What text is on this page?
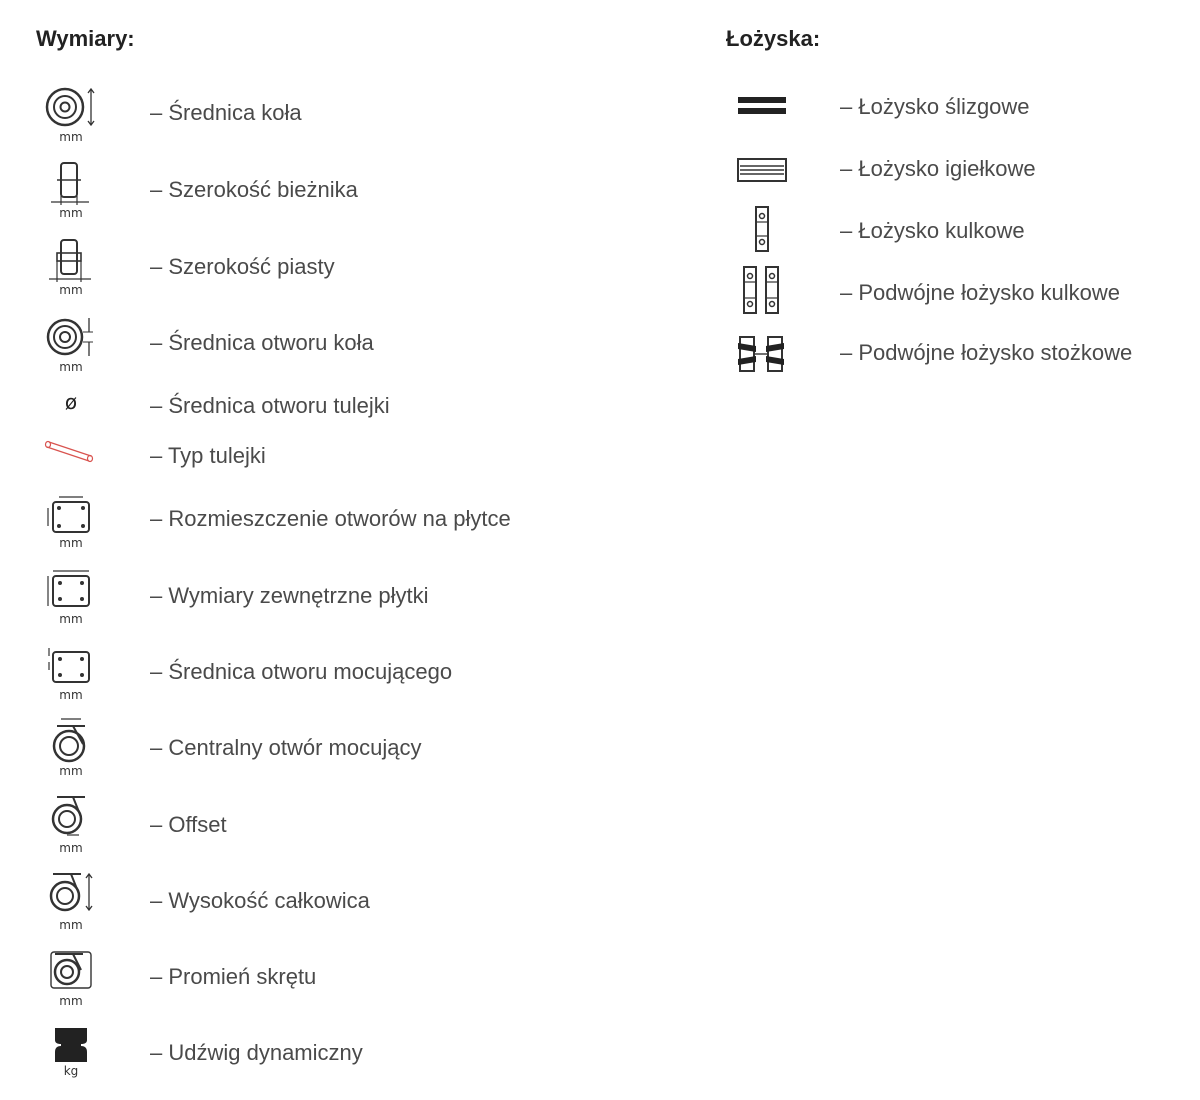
Wymiary:
mm
– Średnica koła
mm
– Szerokość bieżnika
mm
– Szerokość piasty
mm
– Średnica otworu koła
ø	– Średnica otworu tulejki
– Typ tulejki
mm
– Rozmieszczenie otworów na płytce
mm
– Wymiary zewnętrzne płytki
mm
– Średnica otworu mocującego
mm
– Centralny otwór mocujący
mm
– Offset
mm
– Wysokość całkowica
mm
– Promień skrętu
kg
– Udźwig dynamiczny
Łożyska:
– Łożysko ślizgowe
– Łożysko igiełkowe
– Łożysko kulkowe
– Podwójne łożysko kulkowe
– Podwójne łożysko stożkowe
